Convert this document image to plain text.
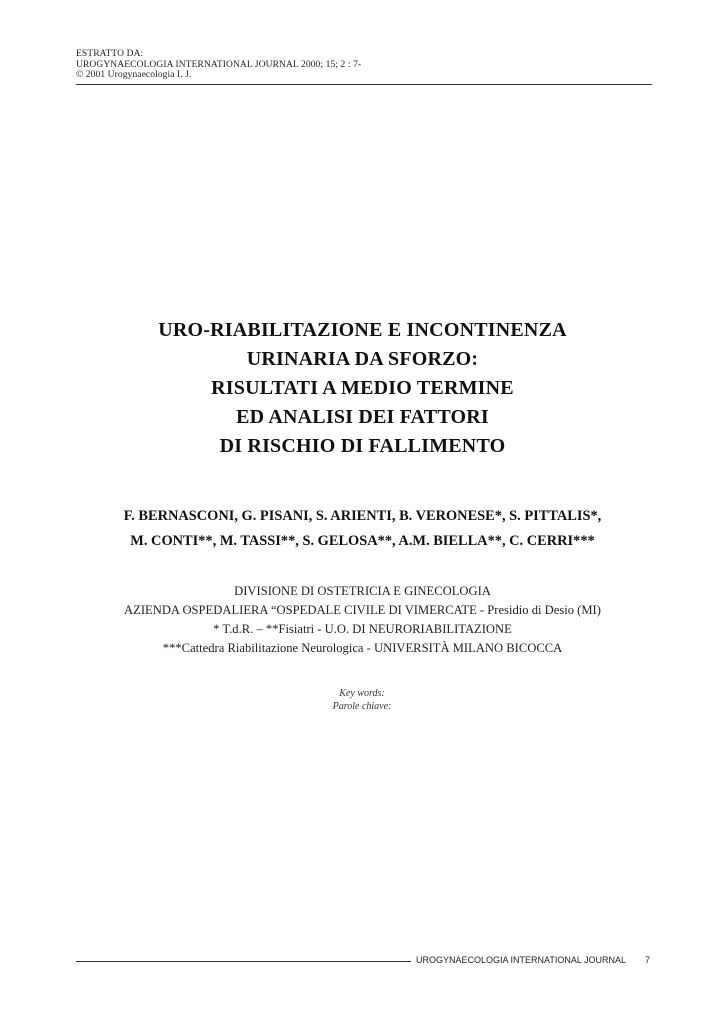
ESTRATTO DA:
UROGYNAECOLOGIA INTERNATIONAL JOURNAL 2000; 15; 2 : 7-
© 2001 Urogynaecologia I. J.
URO-RIABILITAZIONE E INCONTINENZA
URINARIA DA SFORZO:
RISULTATI A MEDIO TERMINE
ED ANALISI DEI FATTORI
DI RISCHIO DI FALLIMENTO
F. BERNASCONI, G. PISANI, S. ARIENTI, B. VERONESE*, S. PITTALIS*,
M. CONTI**, M. TASSI**, S. GELOSA**, A.M. BIELLA**, C. CERRI***
DIVISIONE DI OSTETRICIA E GINECOLOGIA
AZIENDA OSPEDALIERA “OSPEDALE CIVILE DI VIMERCATE - Presidio di Desio (MI)
* T.d.R. – **Fisiatri - U.O. DI NEURORIABILITAZIONE
***Cattedra Riabilitazione Neurologica - UNIVERSITÀ MILANO BICOCCA
Key words:
Parole chiave:
UROGYNAECOLOGIA INTERNATIONAL JOURNAL 7
